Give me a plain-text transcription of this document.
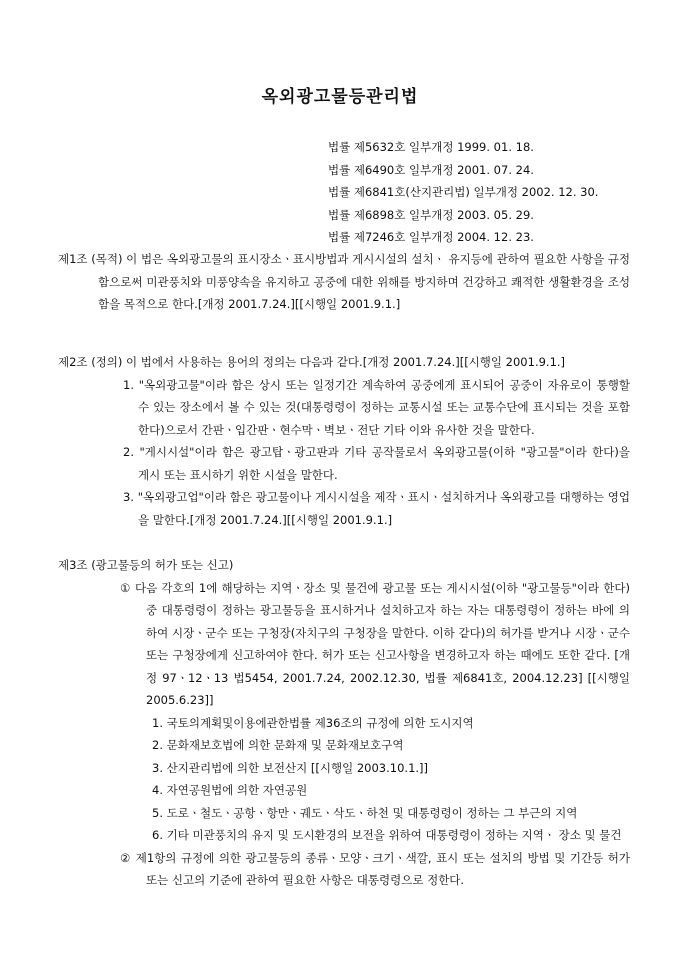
옥외광고물등관리법
법률 제5632호 일부개정 1999. 01. 18.
법률 제6490호 일부개정 2001. 07. 24.
법률 제6841호(산지관리법) 일부개정 2002. 12. 30.
법률 제6898호 일부개정 2003. 05. 29.
법률 제7246호 일부개정 2004. 12. 23.
제1조 (목적) 이 법은 옥외광고물의 표시장소ㆍ표시방법과 게시시설의 설치ㆍ 유지등에 관하여 필요한 사항을 규정함으로써 미관풍치와 미풍양속을 유지하고 공중에 대한 위해를 방지하며 건강하고 쾌적한 생활환경을 조성함을 목적으로 한다.[개정 2001.7.24.][[시행일 2001.9.1.]
제2조 (정의) 이 법에서 사용하는 용어의 정의는 다음과 같다.[개정 2001.7.24.][[시행일 2001.9.1.]
1. "옥외광고물"이라 함은 상시 또는 일정기간 계속하여 공중에게 표시되어 공중이 자유로이 통행할 수 있는 장소에서 볼 수 있는 것(대통령령이 정하는 교통시설 또는 교통수단에 표시되는 것을 포함한다)으로서 간판ㆍ입간판ㆍ현수막ㆍ벽보ㆍ전단 기타 이와 유사한 것을 말한다.
2. "게시시설"이라 함은 광고탑ㆍ광고판과 기타 공작물로서 옥외광고물(이하 "광고물"이라 한다)을 게시 또는 표시하기 위한 시설을 말한다.
3. "옥외광고업"이라 함은 광고물이나 게시시설을 제작ㆍ표시ㆍ설치하거나 옥외광고를 대행하는 영업을 말한다.[개정 2001.7.24.][[시행일 2001.9.1.]
제3조 (광고물등의 허가 또는 신고)
① 다음 각호의 1에 해당하는 지역ㆍ장소 및 물건에 광고물 또는 게시시설(이하 "광고물등"이라 한다)중 대통령령이 정하는 광고물등을 표시하거나 설치하고자 하는 자는 대통령령이 정하는 바에 의하여 시장ㆍ군수 또는 구청장(자치구의 구청장을 말한다. 이하 같다)의 허가를 받거나 시장ㆍ군수 또는 구청장에게 신고하여야 한다. 허가 또는 신고사항을 변경하고자 하는 때에도 또한 같다. [개정 97ㆍ12ㆍ13 법5454, 2001.7.24, 2002.12.30, 법률 제6841호, 2004.12.23] [[시행일 2005.6.23]]
1. 국토의계획및이용에관한법률 제36조의 규정에 의한 도시지역
2. 문화재보호법에 의한 문화재 및 문화재보호구역
3. 산지관리법에 의한 보전산지 [[시행일 2003.10.1.]]
4. 자연공원법에 의한 자연공원
5. 도로ㆍ철도ㆍ공항ㆍ항만ㆍ궤도ㆍ삭도ㆍ하천 및 대통령령이 정하는 그 부근의 지역
6. 기타 미관풍치의 유지 및 도시환경의 보전을 위하여 대통령령이 정하는 지역ㆍ 장소 및 물건
② 제1항의 규정에 의한 광고물등의 종류ㆍ모양ㆍ크기ㆍ색깔, 표시 또는 설치의 방법 및 기간등 허가 또는 신고의 기준에 관하여 필요한 사항은 대통령령으로 정한다.
